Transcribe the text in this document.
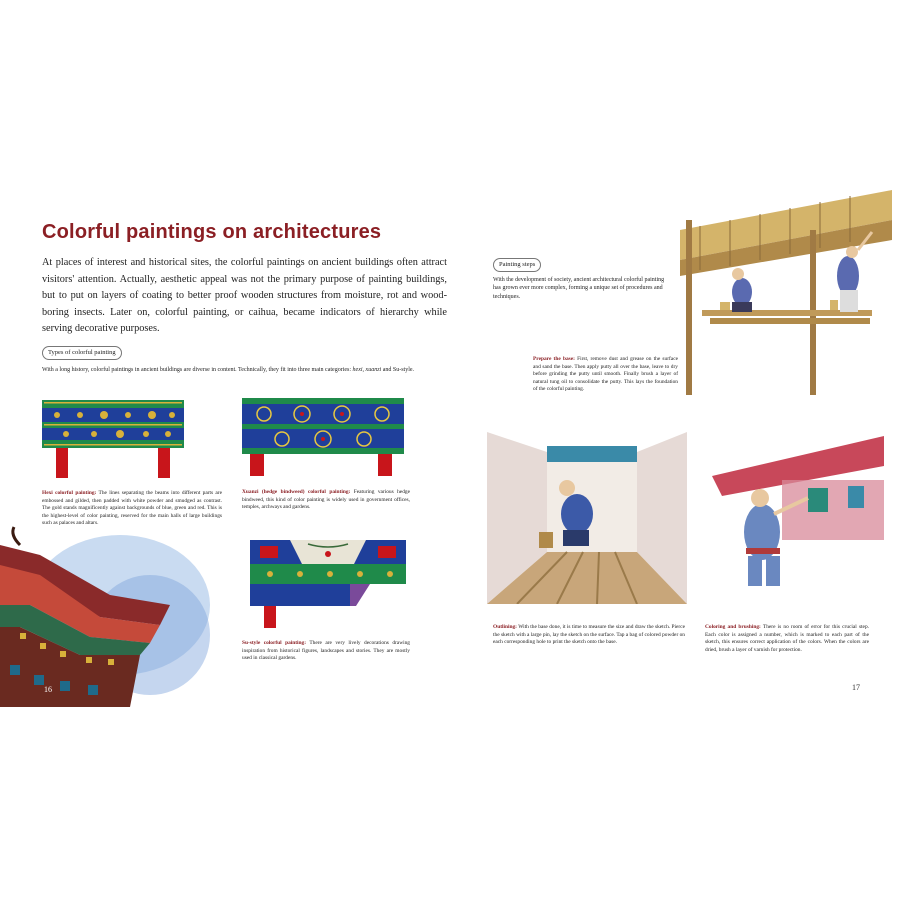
Colorful paintings on architectures

At places of interest and historical sites, the colorful paintings on ancient buildings often attract visitors' attention. Actually, aesthetic appeal was not the primary purpose of painting buildings, but to put on layers of coating to better proof wooden structures from moisture, rot and wood-boring insects. Later on, colorful painting, or caihua, became indicators of hierarchy while serving decorative purposes.

Types of colorful painting

With a long history, colorful paintings in ancient buildings are diverse in content. Technically, they fit into three main categories: hexi, xuanzi and Su-style.

Hexi colorful painting: The lines separating the beams into different parts are embossed and gilded, then padded with white powder and smudged as contrast. The gold stands magnificently against backgrounds of blue, green and red. This is the highest-level of color painting, reserved for the main halls of large buildings such as palaces and altars.
Xuanzi (hedge bindweed) colorful painting: Featuring various hedge bindweed, this kind of color painting is widely used in government offices, temples, archways and gardens.
Su-style colorful painting: There are very lively decorations drawing inspiration from historical figures, landscapes and stories. They are mostly used in classical gardens.
16
Painting steps

With the development of society, ancient architectural colorful painting has grown ever more complex, forming a unique set of procedures and techniques.

Prepare the base: First, remove dust and grease on the surface and sand the base. Then apply putty all over the base, leave to dry before grinding the putty until smooth. Finally brush a layer of natural tung oil to consolidate the putty. This lays the foundation of the colorful painting.
Outlining: With the base done, it is time to measure the size and draw the sketch. Pierce the sketch with a large pin, lay the sketch on the surface. Tap a bag of colored powder on each corresponding hole to print the sketch onto the base.
Coloring and brushing: There is no room of error for this crucial step. Each color is assigned a number, which is marked to each part of the sketch, this ensures correct application of the colors. When the colors are dried, brush a layer of varnish for protection.
17
